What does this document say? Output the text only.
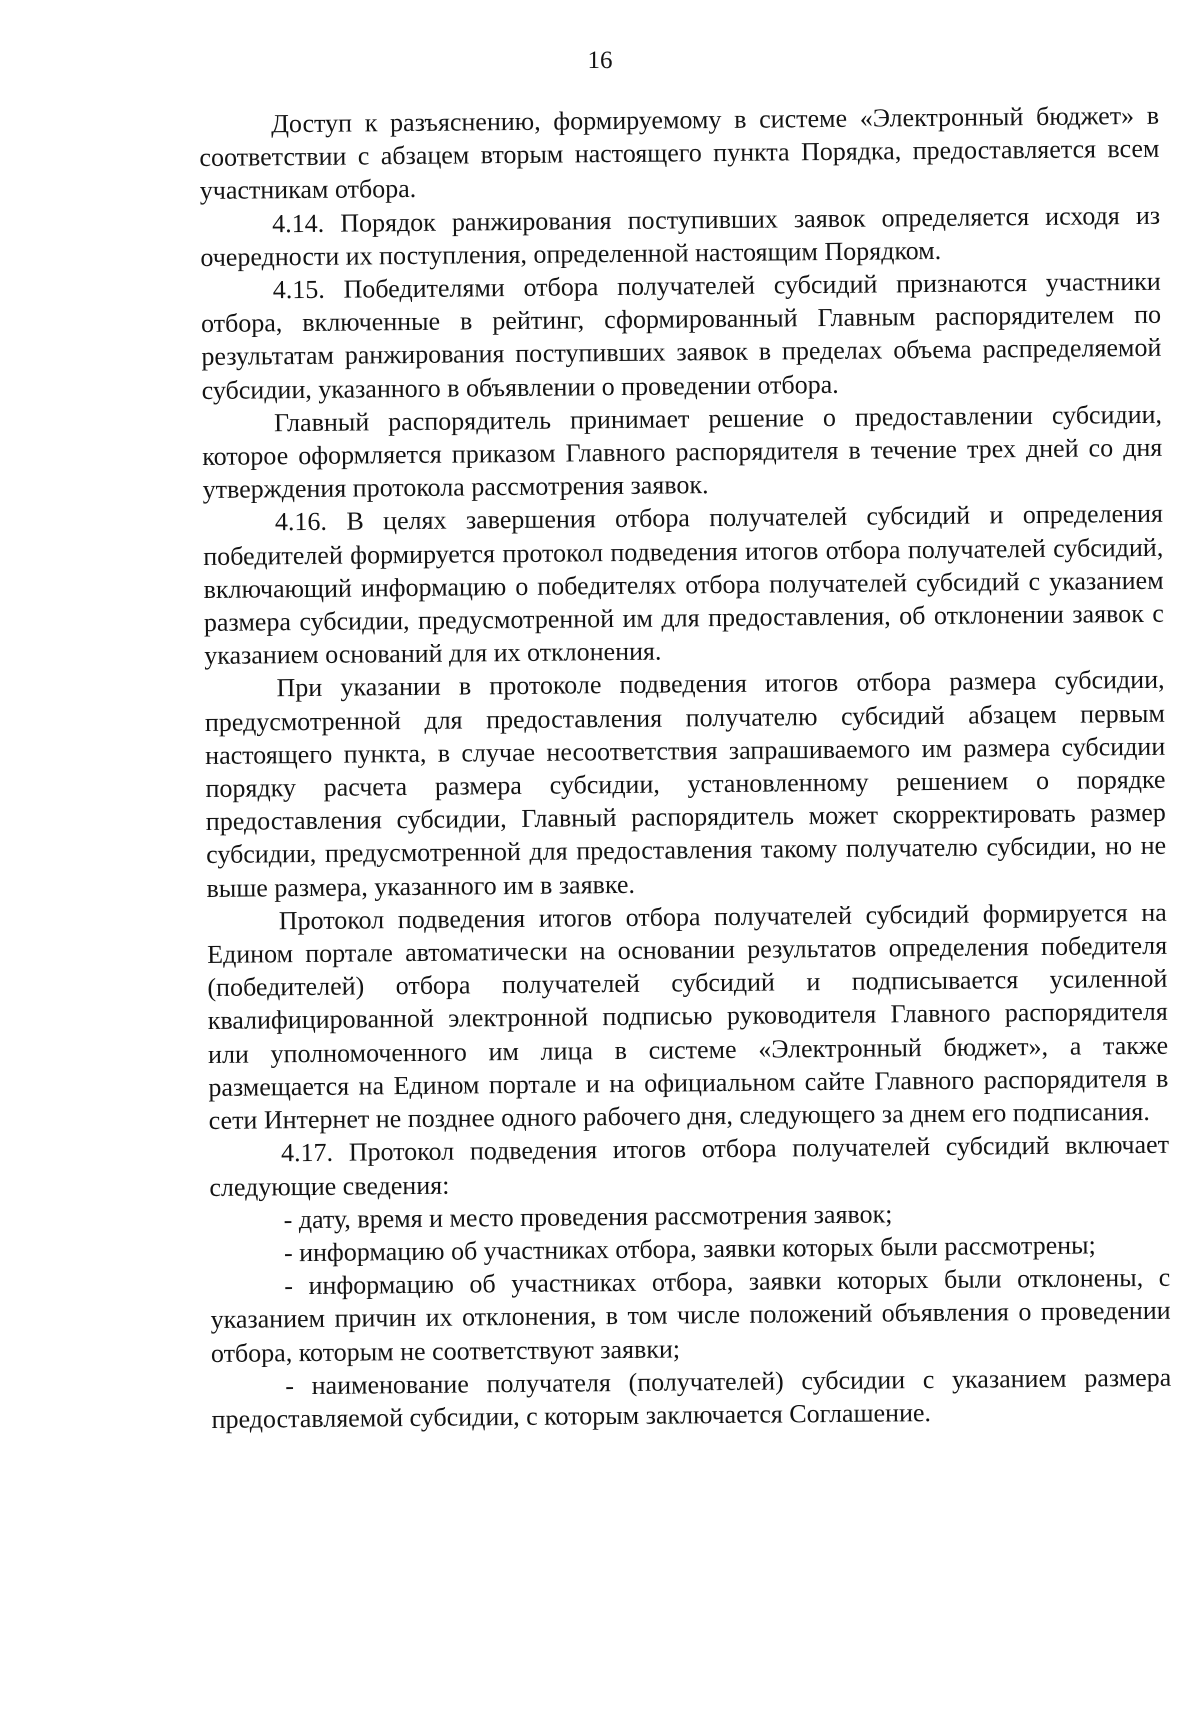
16

Доступ к разъяснению, формируемому в системе «Электронный бюджет» в соответствии с абзацем вторым настоящего пункта Порядка, предоставляется всем участникам отбора.

4.14. Порядок ранжирования поступивших заявок определяется исходя из очередности их поступления, определенной настоящим Порядком.

4.15. Победителями отбора получателей субсидий признаются участники отбора, включенные в рейтинг, сформированный Главным распорядителем по результатам ранжирования поступивших заявок в пределах объема распределяемой субсидии, указанного в объявлении о проведении отбора.

Главный распорядитель принимает решение о предоставлении субсидии, которое оформляется приказом Главного распорядителя в течение трех дней со дня утверждения протокола рассмотрения заявок.

4.16. В целях завершения отбора получателей субсидий и определения победителей формируется протокол подведения итогов отбора получателей субсидий, включающий информацию о победителях отбора получателей субсидий с указанием размера субсидии, предусмотренной им для предоставления, об отклонении заявок с указанием оснований для их отклонения.

При указании в протоколе подведения итогов отбора размера субсидии, предусмотренной для предоставления получателю субсидий абзацем первым настоящего пункта, в случае несоответствия запрашиваемого им размера субсидии порядку расчета размера субсидии, установленному решением о порядке предоставления субсидии, Главный распорядитель может скорректировать размер субсидии, предусмотренной для предоставления такому получателю субсидии, но не выше размера, указанного им в заявке.

Протокол подведения итогов отбора получателей субсидий формируется на Едином портале автоматически на основании результатов определения победителя (победителей) отбора получателей субсидий и подписывается усиленной квалифицированной электронной подписью руководителя Главного распорядителя или уполномоченного им лица в системе «Электронный бюджет», а также размещается на Едином портале и на официальном сайте Главного распорядителя в сети Интернет не позднее одного рабочего дня, следующего за днем его подписания.

4.17. Протокол подведения итогов отбора получателей субсидий включает следующие сведения:

- дату, время и место проведения рассмотрения заявок;

- информацию об участниках отбора, заявки которых были рассмотрены;

- информацию об участниках отбора, заявки которых были отклонены, с указанием причин их отклонения, в том числе положений объявления о проведении отбора, которым не соответствуют заявки;

- наименование получателя (получателей) субсидии с указанием размера предоставляемой субсидии, с которым заключается Соглашение.
